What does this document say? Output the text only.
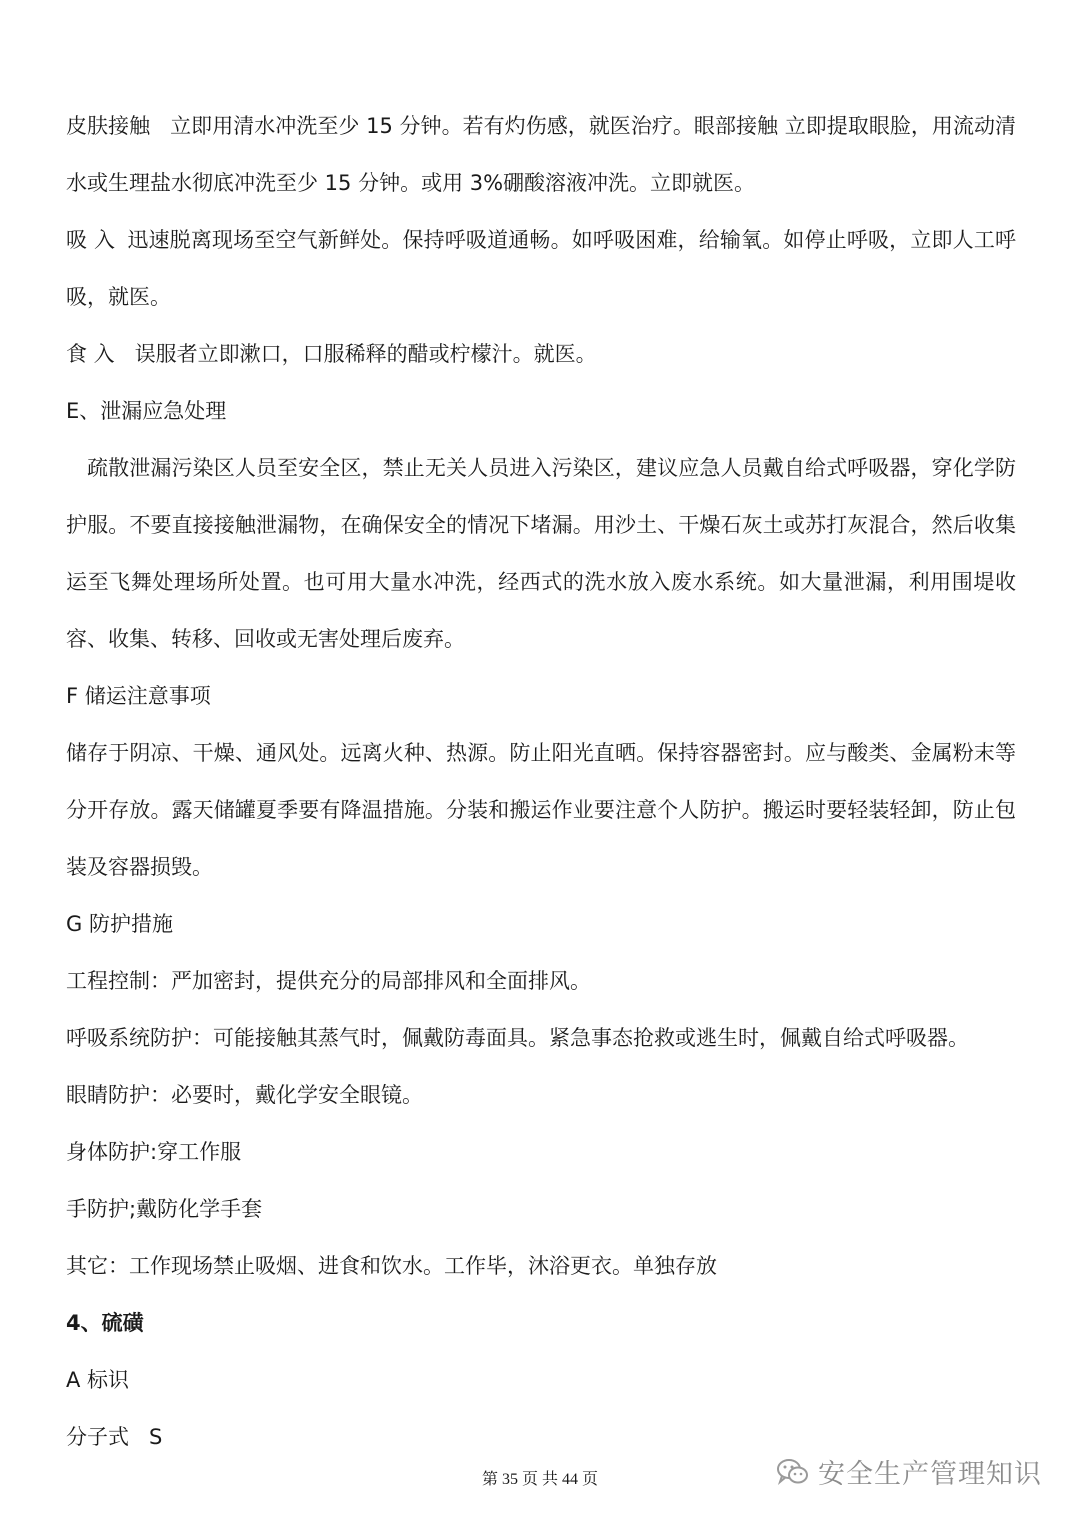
皮肤接触 立即用清水冲洗至少 15 分钟。若有灼伤感，就医治疗。眼部接触 立即提取眼脸，用流动清水或生理盐水彻底冲洗至少 15 分钟。或用 3%硼酸溶液冲洗。立即就医。

吸 入 迅速脱离现场至空气新鲜处。保持呼吸道通畅。如呼吸困难，给输氧。如停止呼吸，立即人工呼吸，就医。

食 入 误服者立即漱口，口服稀释的醋或柠檬汁。就医。

E、泄漏应急处理

疏散泄漏污染区人员至安全区，禁止无关人员进入污染区，建议应急人员戴自给式呼吸器，穿化学防护服。不要直接接触泄漏物，在确保安全的情况下堵漏。用沙土、干燥石灰土或苏打灰混合，然后收集运至飞舞处理场所处置。也可用大量水冲洗，经西式的洗水放入废水系统。如大量泄漏，利用围堤收容、收集、转移、回收或无害处理后废弃。

F 储运注意事项

储存于阴凉、干燥、通风处。远离火种、热源。防止阳光直晒。保持容器密封。应与酸类、金属粉末等分开存放。露天储罐夏季要有降温措施。分装和搬运作业要注意个人防护。搬运时要轻装轻卸，防止包装及容器损毁。

G 防护措施

工程控制：严加密封，提供充分的局部排风和全面排风。

呼吸系统防护：可能接触其蒸气时，佩戴防毒面具。紧急事态抢救或逃生时，佩戴自给式呼吸器。

眼睛防护：必要时，戴化学安全眼镜。

身体防护:穿工作服

手防护;戴防化学手套

其它：工作现场禁止吸烟、进食和饮水。工作毕，沐浴更衣。单独存放

4、硫磺

A 标识

分子式 S

第 35 页 共 44 页	安全生产管理知识
